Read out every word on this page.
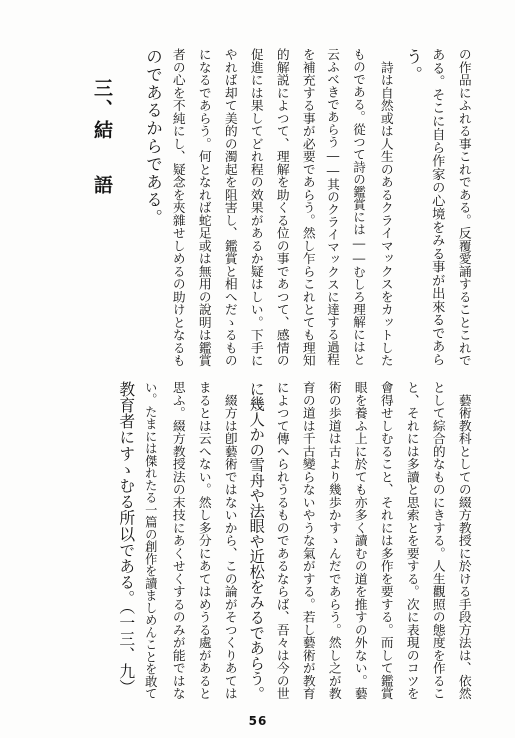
の作品にふれる事これである。反覆愛誦することこれで
ある。そこに自ら作家の心境をみる事が出來るであら
う。
　詩は自然或は人生のあるクライマックスをカットした
ものである。從つて詩の鑑賞には――むしろ理解にはと
云ふべきであらう――其のクライマックスに達する過程
を補充する事が必要であらう。然し乍らこれとても理知
的解説によつて、理解を助くる位の事であつて、感情の
促進には果してどれ程の效果があるか疑はしい。下手に
やれば却て美的の濁起を阻害し、鑑賞と相へだゝるもの
になるであらう。何となれば蛇足或は無用の說明は鑑賞
者の心を不純にし、疑念を夾雜せしめるの助けとなるも
のであるからである。
三、結語
　藝術教科としての綴方教授に於ける手段方法は、依然
として綜合的なものにきする。人生觀照の態度を作るこ
と、それには多讀と思索とを要する。次に表現のコツを
會得せしむること、それには多作を要する。而して鑑賞
眼を養ふ上に於ても亦多く讀むの道を推すの外ない。藝
術の歩道は古より幾歩かすゝんだであらう。然し之が教
育の道は千古變らないやうな氣がする。若し藝術が教育
によつて傳へられうるものであるならば、吾々は今の世
に幾人かの雪舟や法眼や近松をみるであらう。
　綴方は卽藝術ではないから、この論がそつくりあては
まるとは云へない。然し多分にあてはめうる處があると
思ふ。綴方教授法の末技にあくせくするのみが能ではな
い。たまには傑れたる一篇の創作を讀ましめんことを敢て
教育者にすゝむる所以である。（一三、九）
56
